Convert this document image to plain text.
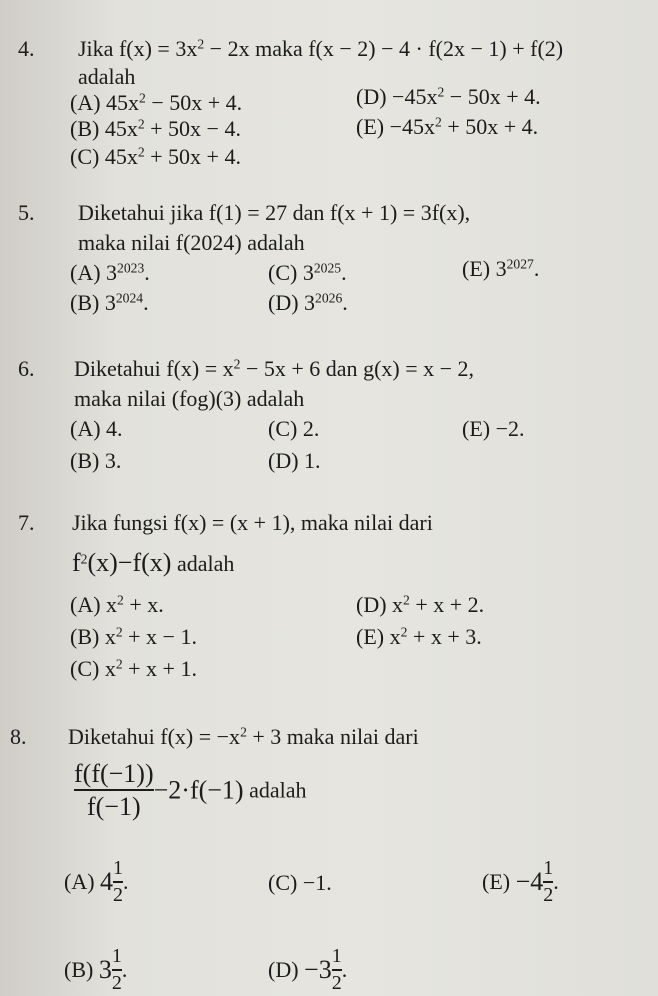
4. Jika $f(x) = 3x^2 - 2x$ maka f(x − 2) − 4 · f(2x − 1) + f(2)
adalah
(A) $45x^2 - 50x + 4$.
(B) $45x^2 + 50x - 4$.
(C) $45x^2 + 50x + 4$.
$(D) -45x^2 - 50x + 4$.
$(E) -45x^2 + 50x + 4$.
5. Diketahui jika f(1) = 27 dan f(x + 1) = 3f(x),
maka nilai f(2024) adalah
(A) $3^{2023}$.
(B) $3^{2024}$.
(C) $3^{2025}$.
(D) $3^{2026}$.
(E) $3^{2027}$.
6. Diketahui $f(x) = x^2 - 5x + 6$ dan g(x) = x − 2,
maka nilai (fog)(3) adalah
(A) 4.
(B) 3.
(C) 2.
(D) 1.
(E) −2.
7. Jika fungsi f(x) = (x + 1), maka nilai dari
$f^2(x)-f(x)$ adalah
(A) $x^2 + x$.
(B) $x^2 + x - 1$.
(C) $x^2 + x + 1$.
(D) $x^2 + x + 2$.
(E) $x^2 + x + 3$.
8. Diketahui $f(x) = -x^2 + 3$ maka nilai dari
$\frac{f(f(-1))}{f(-1)} -2\cdot f(-1)$ adalah
(A) $4 \frac{1}{2}$ .
(B) $3 \frac{1}{2}$ .
(C) −1.
$(D) -3 \frac{1}{2}$ .
$(E) -4 \frac{1}{2}$ .
